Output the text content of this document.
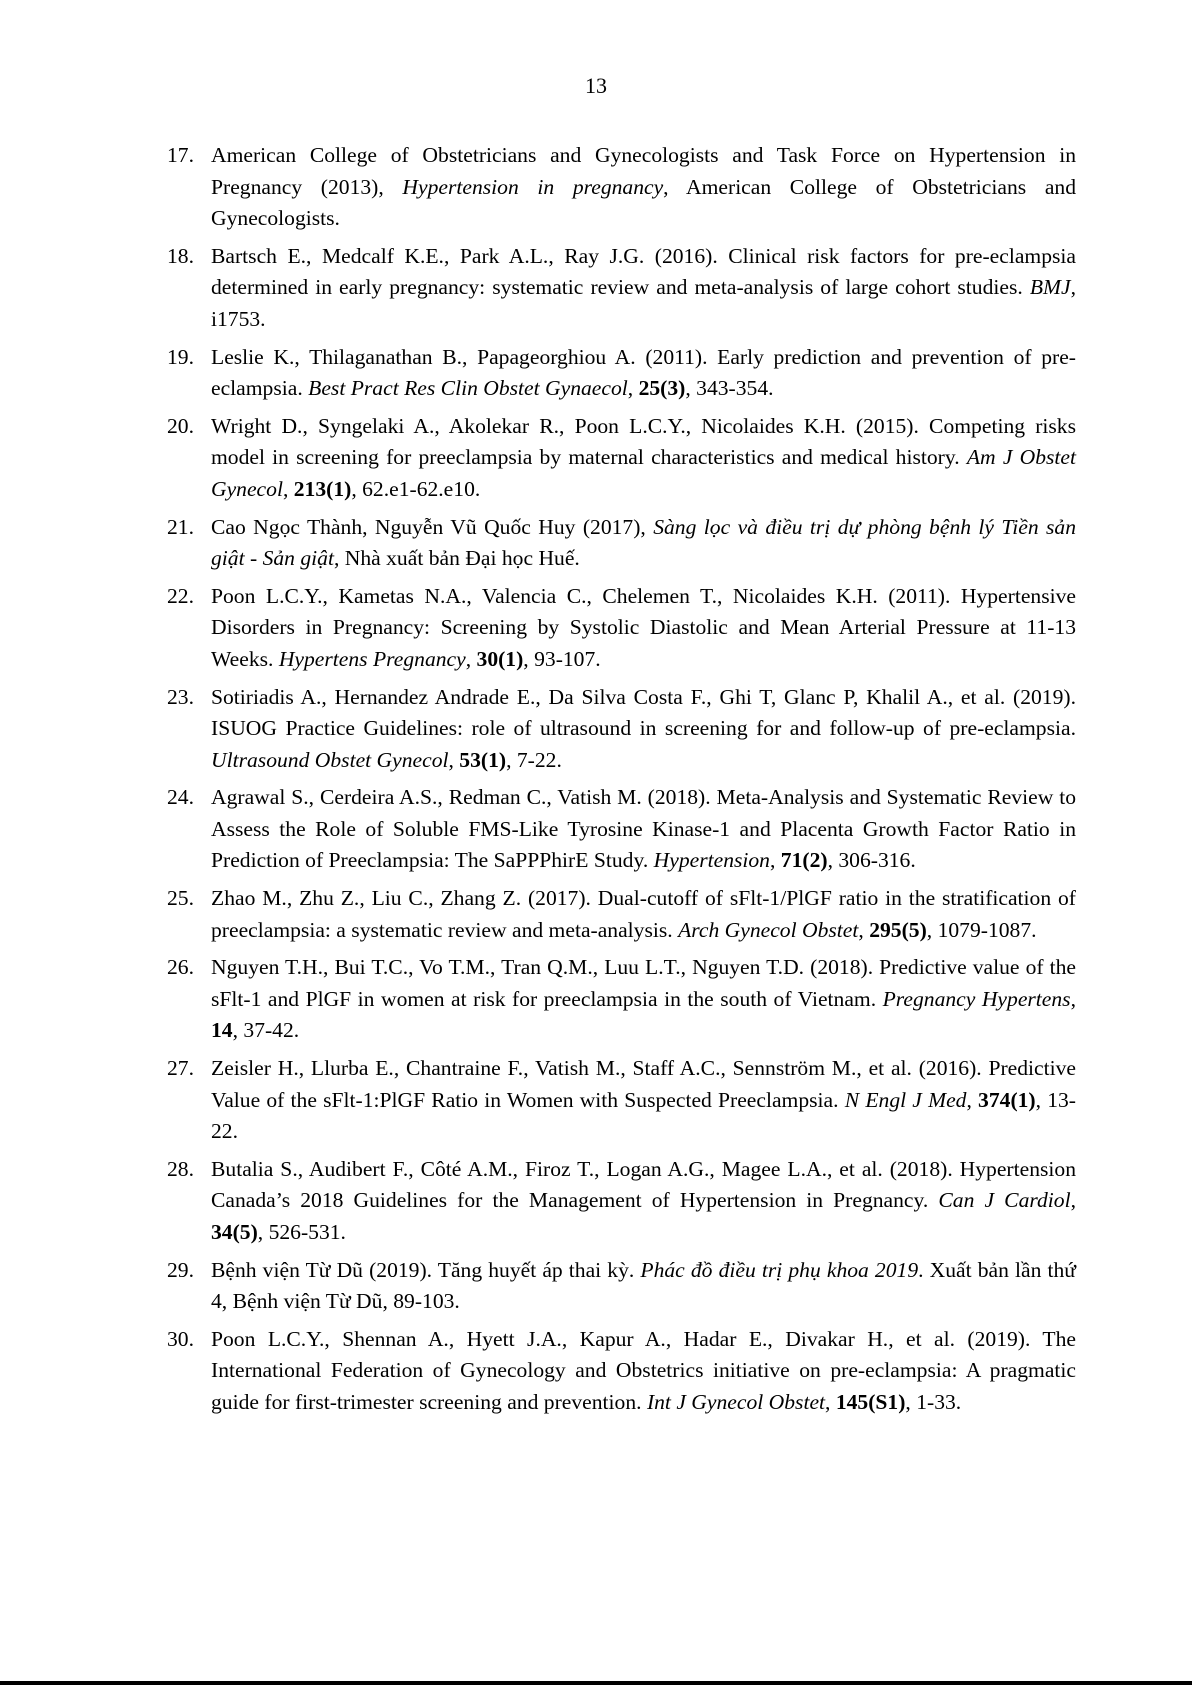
13
17. American College of Obstetricians and Gynecologists and Task Force on Hypertension in Pregnancy (2013), Hypertension in pregnancy, American College of Obstetricians and Gynecologists.
18. Bartsch E., Medcalf K.E., Park A.L., Ray J.G. (2016). Clinical risk factors for pre-eclampsia determined in early pregnancy: systematic review and meta-analysis of large cohort studies. BMJ, i1753.
19. Leslie K., Thilaganathan B., Papageorghiou A. (2011). Early prediction and prevention of pre-eclampsia. Best Pract Res Clin Obstet Gynaecol, 25(3), 343-354.
20. Wright D., Syngelaki A., Akolekar R., Poon L.C.Y., Nicolaides K.H. (2015). Competing risks model in screening for preeclampsia by maternal characteristics and medical history. Am J Obstet Gynecol, 213(1), 62.e1-62.e10.
21. Cao Ngọc Thành, Nguyễn Vũ Quốc Huy (2017), Sàng lọc và điều trị dự phòng bệnh lý Tiền sản giật - Sản giật, Nhà xuất bản Đại học Huế.
22. Poon L.C.Y., Kametas N.A., Valencia C., Chelemen T., Nicolaides K.H. (2011). Hypertensive Disorders in Pregnancy: Screening by Systolic Diastolic and Mean Arterial Pressure at 11-13 Weeks. Hypertens Pregnancy, 30(1), 93-107.
23. Sotiriadis A., Hernandez Andrade E., Da Silva Costa F., Ghi T, Glanc P, Khalil A., et al. (2019). ISUOG Practice Guidelines: role of ultrasound in screening for and follow-up of pre-eclampsia. Ultrasound Obstet Gynecol, 53(1), 7-22.
24. Agrawal S., Cerdeira A.S., Redman C., Vatish M. (2018). Meta-Analysis and Systematic Review to Assess the Role of Soluble FMS-Like Tyrosine Kinase-1 and Placenta Growth Factor Ratio in Prediction of Preeclampsia: The SaPPPhirE Study. Hypertension, 71(2), 306-316.
25. Zhao M., Zhu Z., Liu C., Zhang Z. (2017). Dual-cutoff of sFlt-1/PlGF ratio in the stratification of preeclampsia: a systematic review and meta-analysis. Arch Gynecol Obstet, 295(5), 1079-1087.
26. Nguyen T.H., Bui T.C., Vo T.M., Tran Q.M., Luu L.T., Nguyen T.D. (2018). Predictive value of the sFlt-1 and PlGF in women at risk for preeclampsia in the south of Vietnam. Pregnancy Hypertens, 14, 37-42.
27. Zeisler H., Llurba E., Chantraine F., Vatish M., Staff A.C., Sennström M., et al. (2016). Predictive Value of the sFlt-1:PlGF Ratio in Women with Suspected Preeclampsia. N Engl J Med, 374(1), 13-22.
28. Butalia S., Audibert F., Côté A.M., Firoz T., Logan A.G., Magee L.A., et al. (2018). Hypertension Canada’s 2018 Guidelines for the Management of Hypertension in Pregnancy. Can J Cardiol, 34(5), 526-531.
29. Bệnh viện Từ Dũ (2019). Tăng huyết áp thai kỳ. Phác đồ điều trị phụ khoa 2019. Xuất bản lần thứ 4, Bệnh viện Từ Dũ, 89-103.
30. Poon L.C.Y., Shennan A., Hyett J.A., Kapur A., Hadar E., Divakar H., et al. (2019). The International Federation of Gynecology and Obstetrics initiative on pre-eclampsia: A pragmatic guide for first-trimester screening and prevention. Int J Gynecol Obstet, 145(S1), 1-33.
